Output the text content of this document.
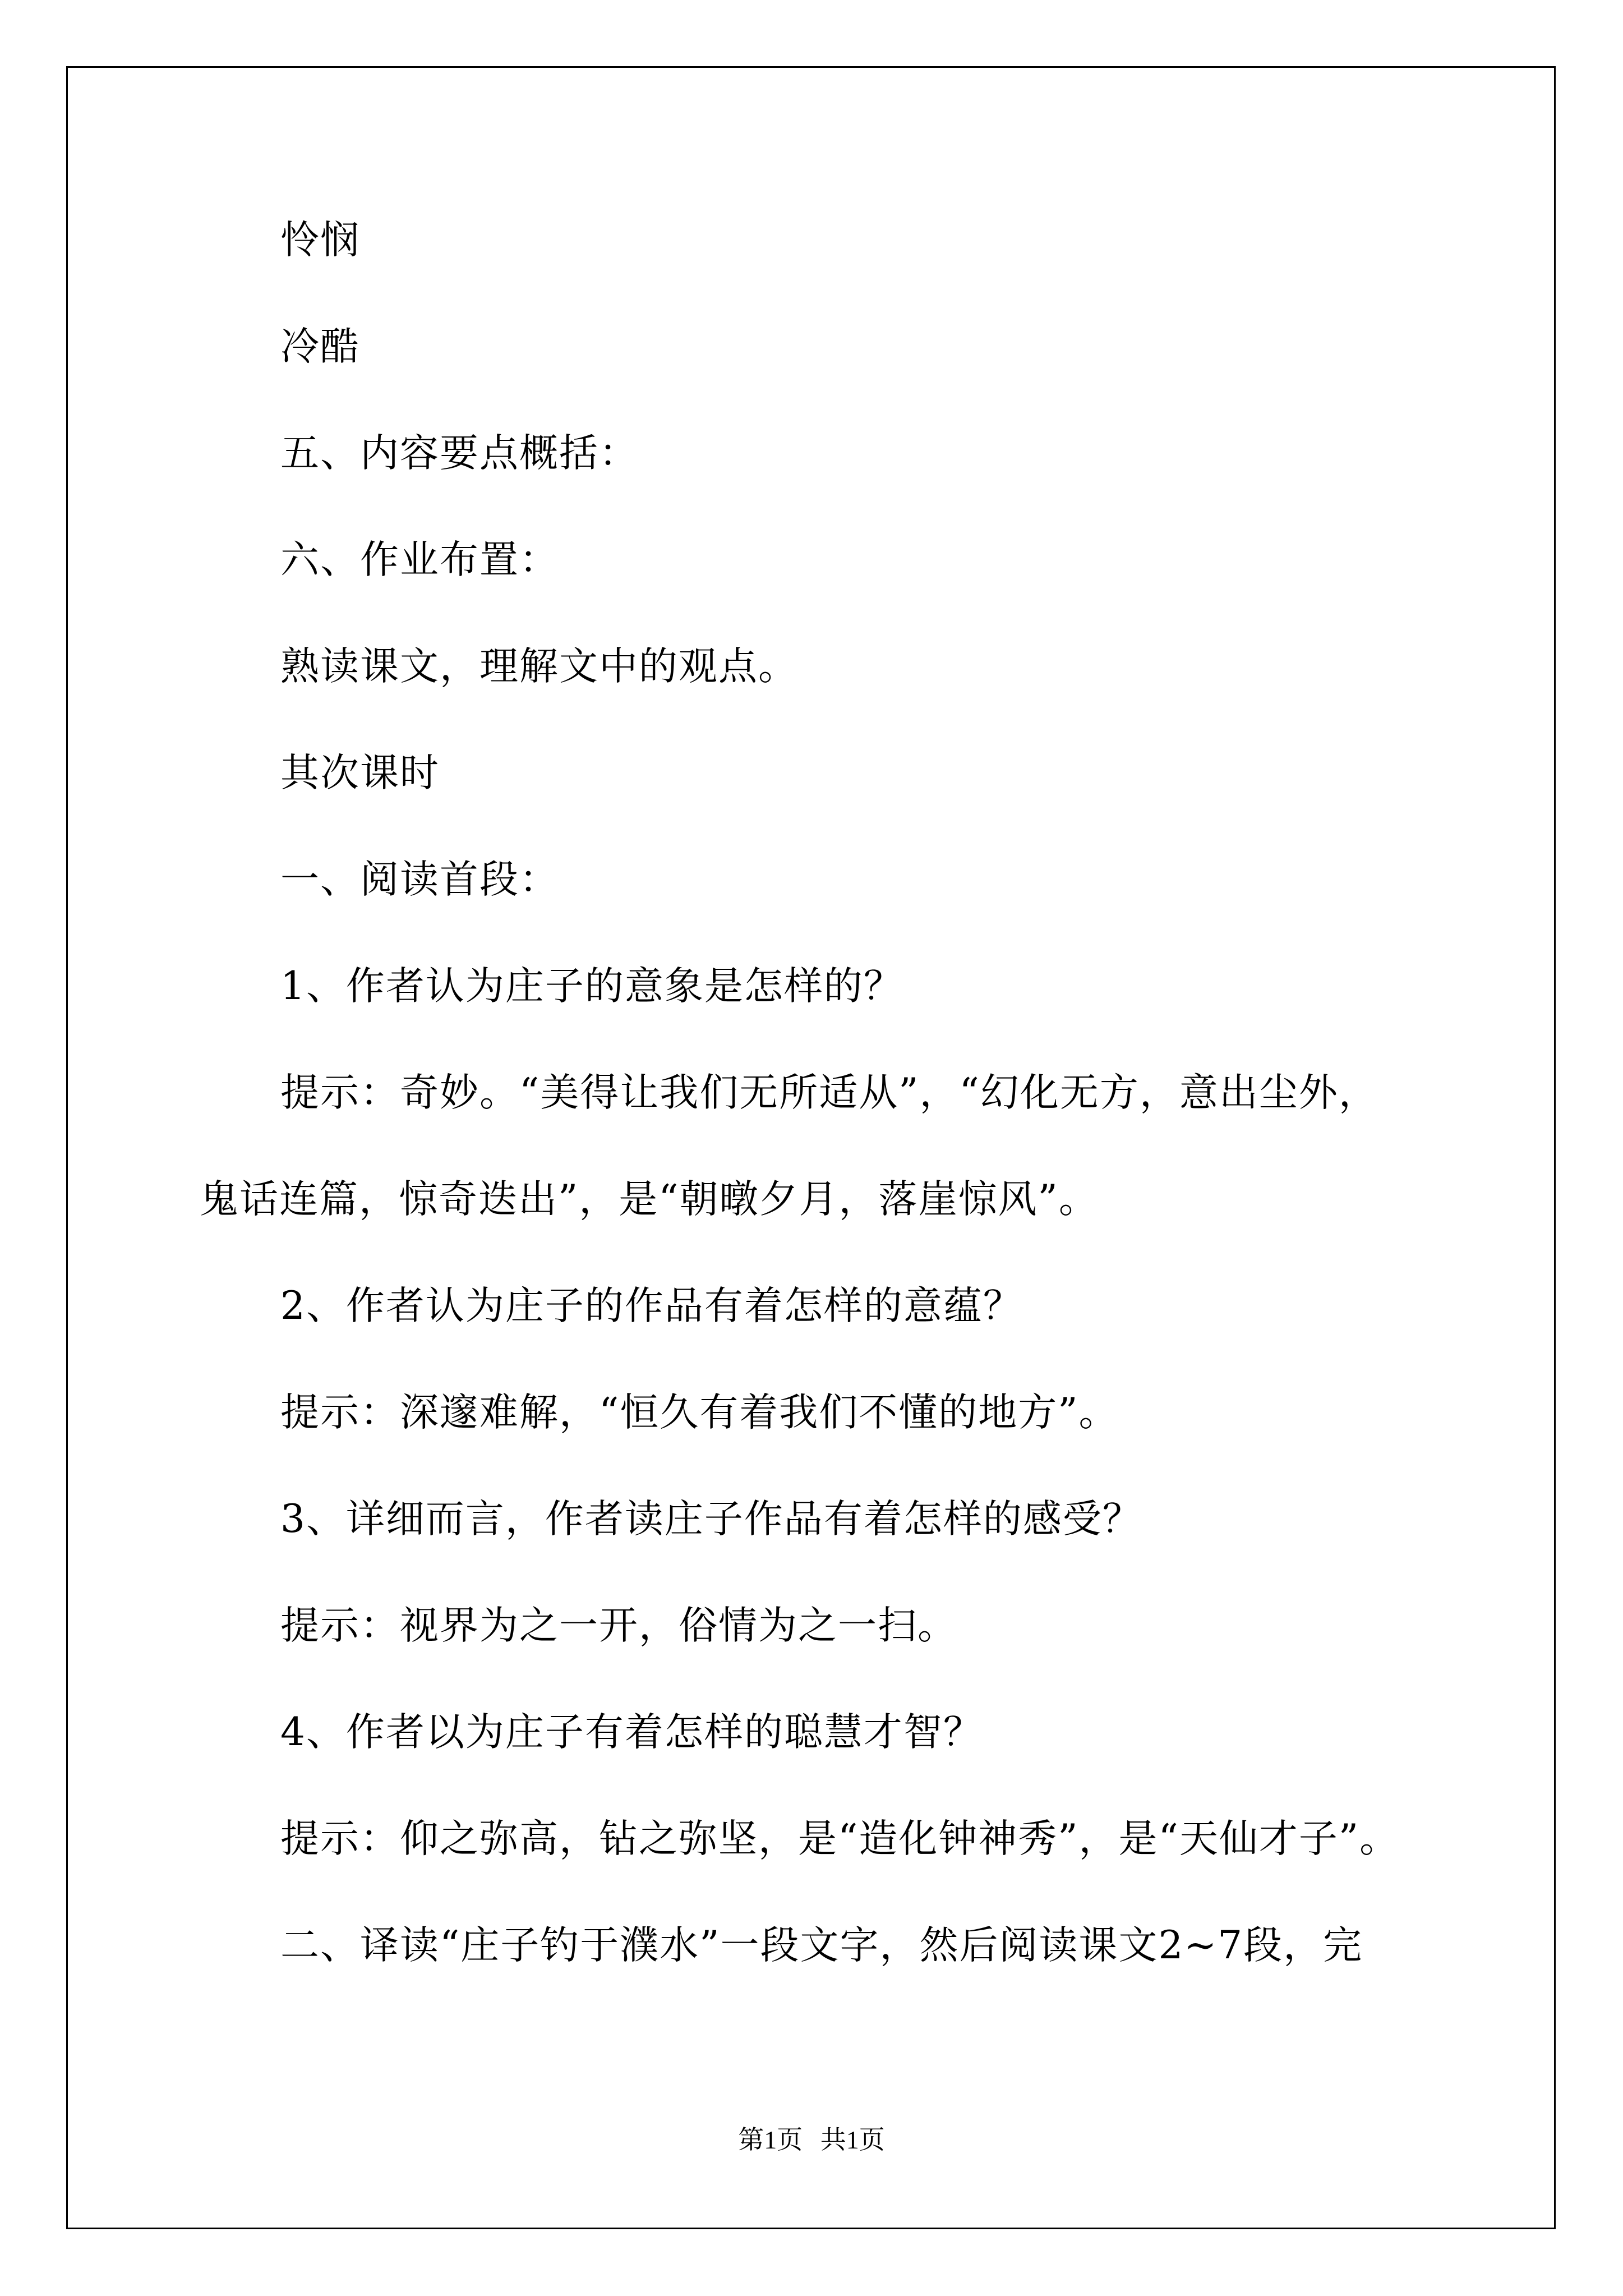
怜悯

冷酷

五、内容要点概括：

六、作业布置：

熟读课文，理解文中的观点。

其次课时

一、阅读首段：

1、作者认为庄子的意象是怎样的？

提示：奇妙。“美得让我们无所适从”，“幻化无方，意出尘外，

鬼话连篇，惊奇迭出”，是“朝暾夕月，落崖惊风”。

2、作者认为庄子的作品有着怎样的意蕴？

提示：深邃难解，“恒久有着我们不懂的地方”。

3、详细而言，作者读庄子作品有着怎样的感受？

提示：视界为之一开，俗情为之一扫。

4、作者以为庄子有着怎样的聪慧才智？

提示：仰之弥高，钻之弥坚，是“造化钟神秀”，是“天仙才子”。

二、译读“庄子钓于濮水”一段文字，然后阅读课文2~7段，完

第1页 共1页
